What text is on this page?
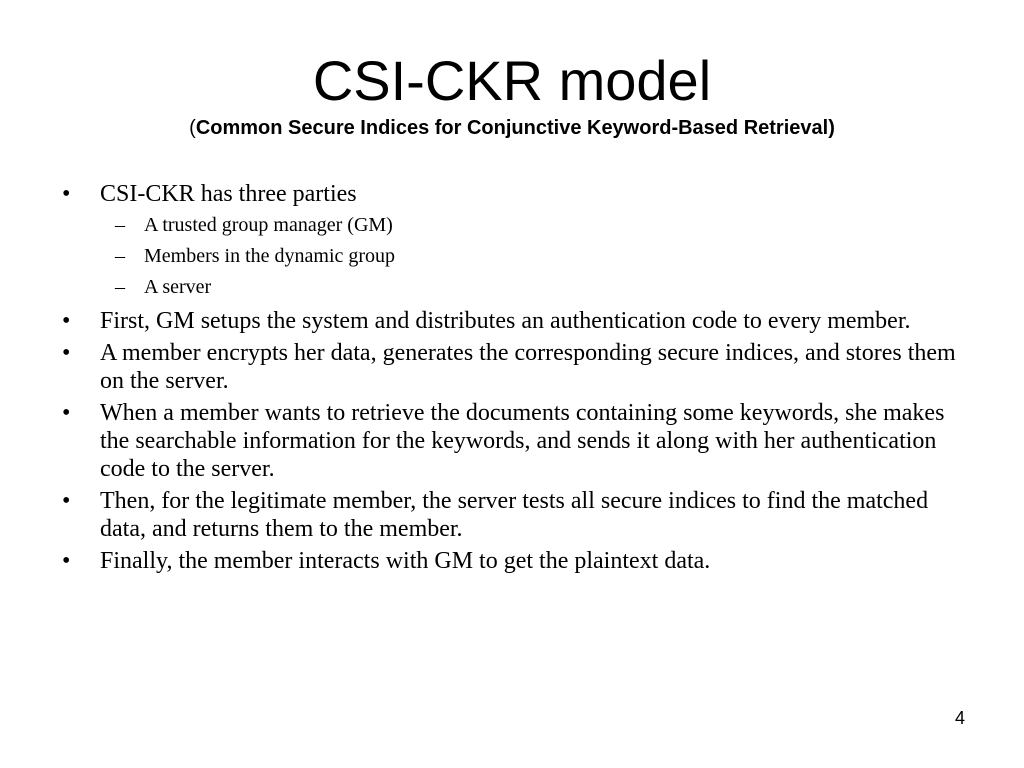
CSI-CKR model
(Common Secure Indices for Conjunctive Keyword-Based Retrieval)
•	CSI-CKR has three parties
– A trusted group manager (GM)
– Members in the dynamic group
– A server
•	First, GM setups the system and distributes an authentication code to every member.
•	A member encrypts her data, generates the corresponding secure indices, and stores them on the server.
•	When a member wants to retrieve the documents containing some keywords, she makes the searchable information for the keywords, and sends it along with her authentication code to the server.
•	Then, for the legitimate member, the server tests all secure indices to find the matched data, and returns them to the member.
•	Finally, the member interacts with GM to get the plaintext data.
4
